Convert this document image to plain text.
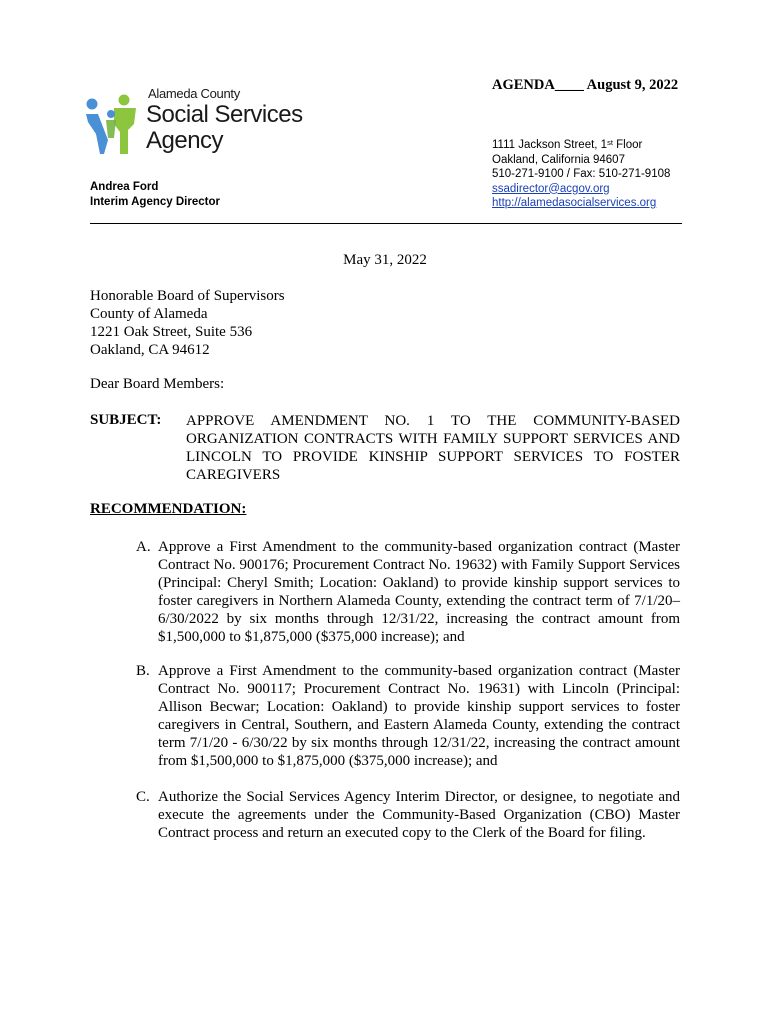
Alameda County
Social Services
Agency
Andrea Ford
Interim Agency Director
AGENDA____ August 9, 2022
1111 Jackson Street, 1st Floor
Oakland, California 94607
510-271-9100 / Fax: 510-271-9108
ssadirector@acgov.org
http://alamedasocialservices.org
May 31, 2022
Honorable Board of Supervisors
County of Alameda
1221 Oak Street, Suite 536
Oakland, CA 94612
Dear Board Members:
SUBJECT: APPROVE AMENDMENT NO. 1 TO THE COMMUNITY-BASED ORGANIZATION CONTRACTS WITH FAMILY SUPPORT SERVICES AND LINCOLN TO PROVIDE KINSHIP SUPPORT SERVICES TO FOSTER CAREGIVERS
RECOMMENDATION:
A. Approve a First Amendment to the community-based organization contract (Master Contract No. 900176; Procurement Contract No. 19632) with Family Support Services (Principal: Cheryl Smith; Location: Oakland) to provide kinship support services to foster caregivers in Northern Alameda County, extending the contract term of 7/1/20–6/30/2022 by six months through 12/31/22, increasing the contract amount from $1,500,000 to $1,875,000 ($375,000 increase); and
B. Approve a First Amendment to the community-based organization contract (Master Contract No. 900117; Procurement Contract No. 19631) with Lincoln (Principal: Allison Becwar; Location: Oakland) to provide kinship support services to foster caregivers in Central, Southern, and Eastern Alameda County, extending the contract term 7/1/20 - 6/30/22 by six months through 12/31/22, increasing the contract amount from $1,500,000 to $1,875,000 ($375,000 increase); and
C. Authorize the Social Services Agency Interim Director, or designee, to negotiate and execute the agreements under the Community-Based Organization (CBO) Master Contract process and return an executed copy to the Clerk of the Board for filing.
